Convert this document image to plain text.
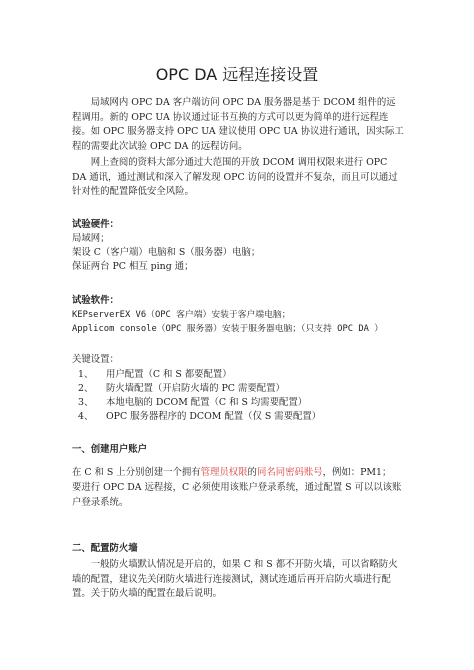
OPC DA 远程连接设置

局域网内 OPC DA 客户端访问 OPC DA 服务器是基于 DCOM 组件的远程调用。新的 OPC UA 协议通过证书互换的方式可以更为简单的进行远程连接。如 OPC 服务器支持 OPC UA 建议使用 OPC UA 协议进行通讯，因实际工程的需要此次试验 OPC DA 的远程访问。

网上查阅的资料大部分通过大范围的开放 DCOM 调用权限来进行 OPC DA 通讯，通过测试和深入了解发现 OPC 访问的设置并不复杂，而且可以通过针对性的配置降低安全风险。

试验硬件：

局域网；

架设 C（客户端）电脑和 S（服务器）电脑；

保证两台 PC 相互 ping 通；

试验软件：

KEPserverEX V6（OPC 客户端）安装于客户端电脑；

Applicom console（OPC 服务器）安装于服务器电脑；（只支持 OPC DA ）

关键设置：

1、 用户配置（C 和 S 都要配置）
2、 防火墙配置（开启防火墙的 PC 需要配置）
3、 本地电脑的 DCOM 配置（C 和 S 均需要配置）
4、 OPC 服务器程序的 DCOM 配置（仅 S 需要配置）

一、创建用户账户

在 C 和 S 上分别创建一个拥有管理员权限的同名同密码账号，例如：PM1；

要进行 OPC DA 远程接，C 必须使用该账户登录系统，通过配置 S 可以以该账户登录系统。

二、配置防火墙

一般防火墙默认情况是开启的，如果 C 和 S 都不开防火墙，可以省略防火墙的配置，建议先关闭防火墙进行连接测试，测试连通后再开启防火墙进行配置。关于防火墙的配置在最后说明。
